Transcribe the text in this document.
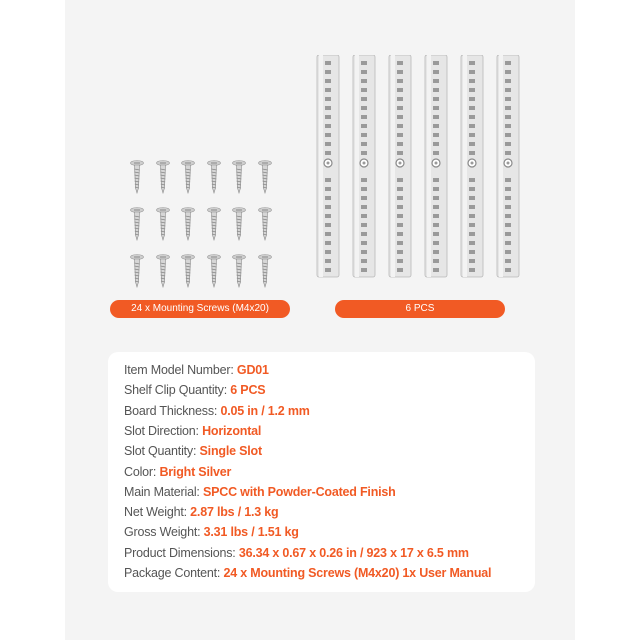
24 x Mounting Screws (M4x20)	6 PCS
Item Model Number: GD01
Shelf Clip Quantity: 6 PCS
Board Thickness: 0.05 in / 1.2 mm
Slot Direction: Horizontal
Slot Quantity: Single Slot
Color: Bright Silver
Main Material: SPCC with Powder-Coated Finish
Net Weight: 2.87 lbs / 1.3 kg
Gross Weight: 3.31 lbs / 1.51 kg
Product Dimensions: 36.34 x 0.67 x 0.26 in / 923 x 17 x 6.5 mm
Package Content: 24 x Mounting Screws (M4x20) 1x User Manual
